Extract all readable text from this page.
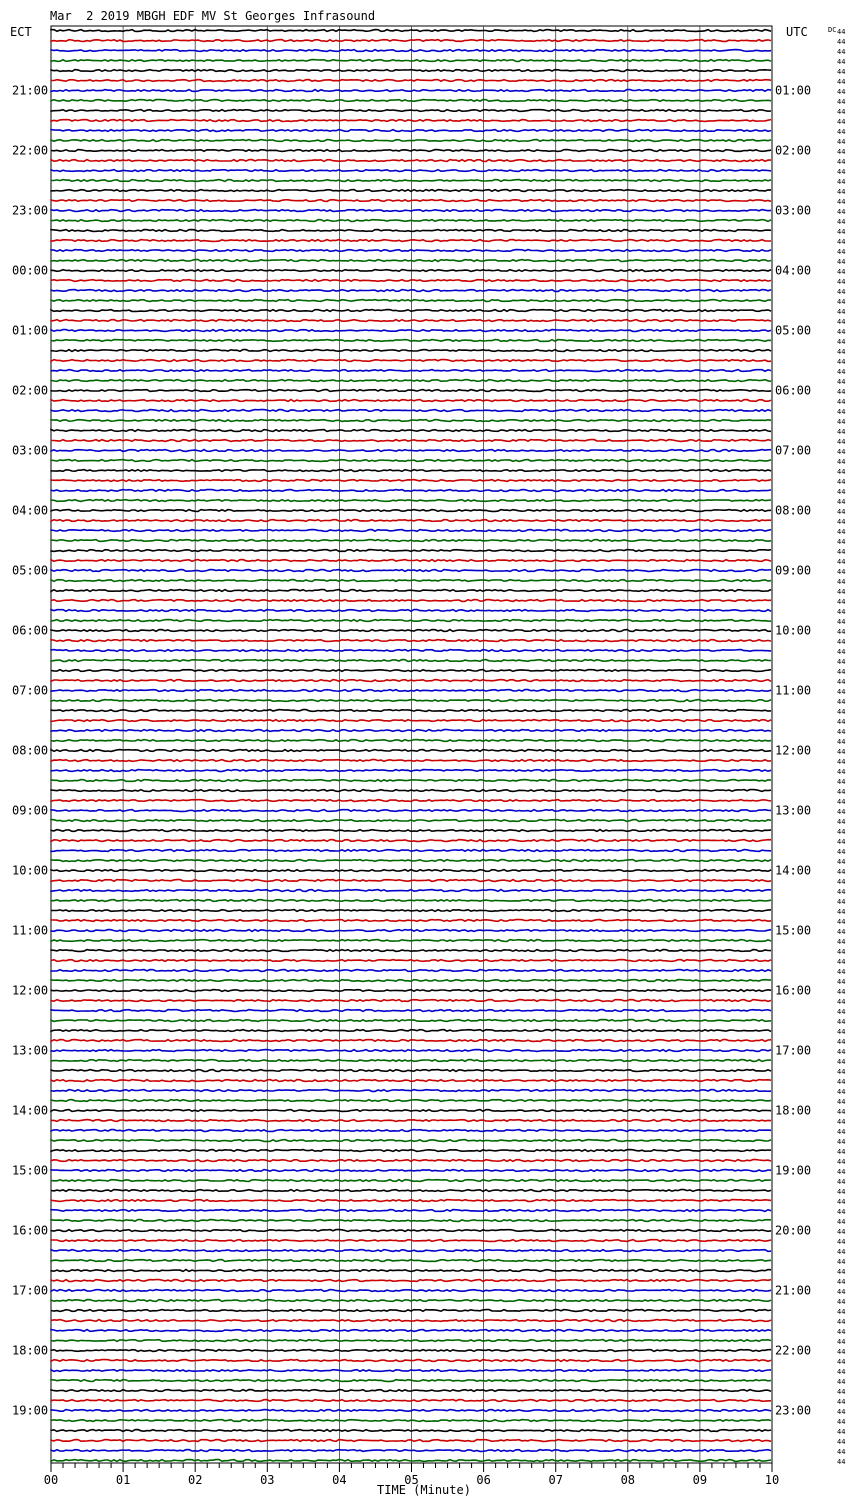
Mar  2 2019 MBGH EDF MV St Georges Infrasound
ECT	UTC	DC
TIME (Minute)
00	01	02	03	04	05	06	07	08	09	10
44
44
44
44
44
44
44
44
44
44
44
44
44
44
44
44
44
44
44
44
44
44
44
44
44
44
44
44
44
44
44
44
44
44
44
44
44
44
44
44
44
44
44
44
44
44
44
44
44
44
44
44
44
44
44
44
44
44
44
44
44
44
44
44
44
44
44
44
44
44
44
44
44
44
44
44
44
44
44
44
44
44
44
44
44
44
44
44
44
44
44
44
44
44
44
44
44
44
44
44
44
44
44
44
44
44
44
44
44
44
44
44
44
44
44
44
44
44
44
44
44
44
44
44
44
44
44
44
44
44
44
44
44
44
44
44
44
44
44
44
44
44
44
44
21:00	01:00
22:00	02:00
23:00	03:00
00:00	04:00
01:00	05:00
02:00	06:00
03:00	07:00
04:00	08:00
05:00	09:00
06:00	10:00
07:00	11:00
08:00	12:00
09:00	13:00
10:00	14:00
11:00	15:00
12:00	16:00
13:00	17:00
14:00	18:00
15:00	19:00
16:00	20:00
17:00	21:00
18:00	22:00
19:00	23:00
